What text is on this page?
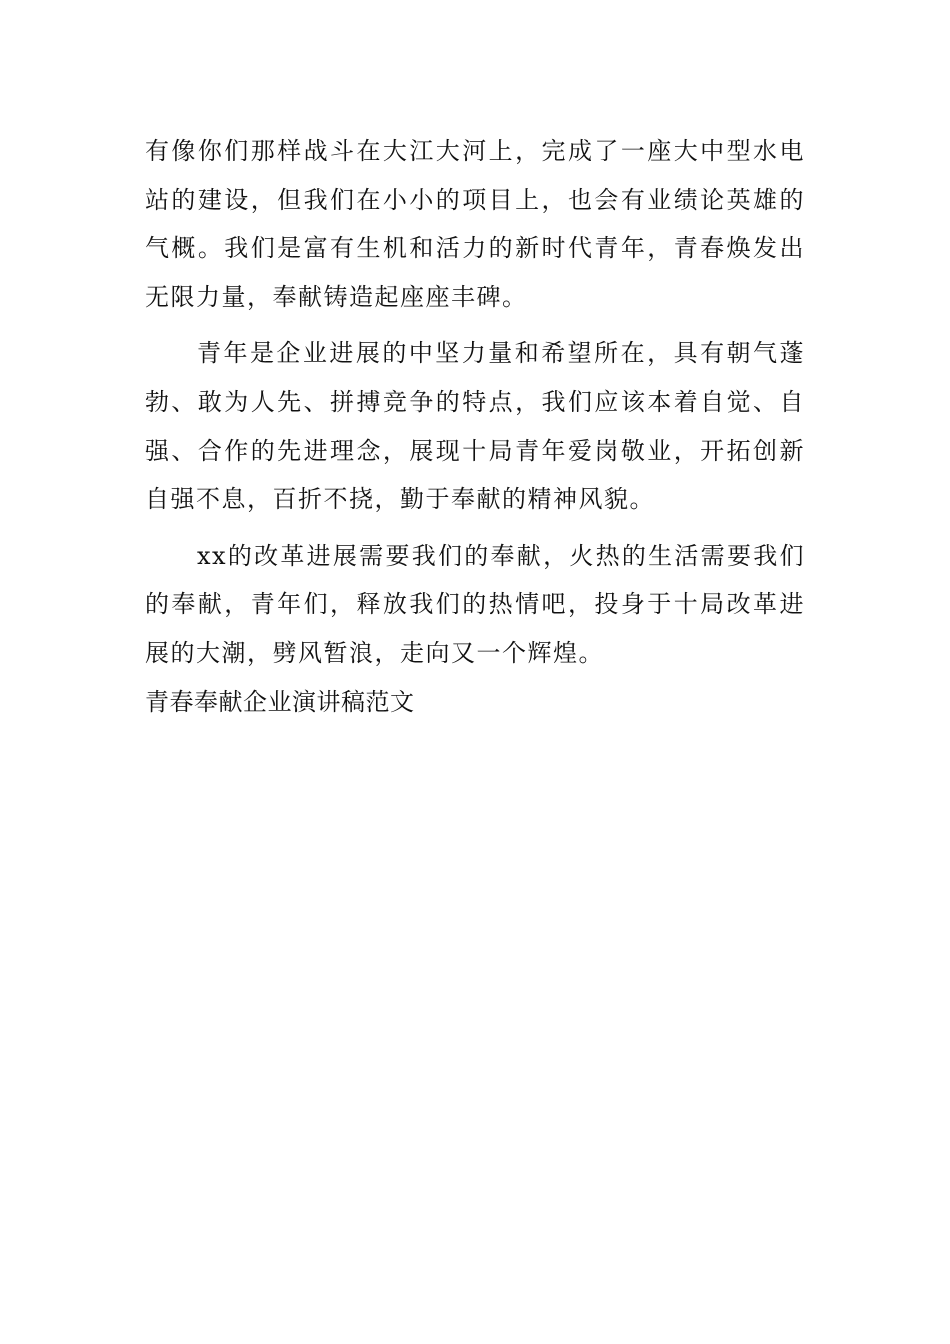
有像你们那样战斗在大江大河上，完成了一座大中型水电站的建设，但我们在小小的项目上，也会有业绩论英雄的气概。我们是富有生机和活力的新时代青年，青春焕发出无限力量，奉献铸造起座座丰碑。

青年是企业进展的中坚力量和希望所在，具有朝气蓬勃、敢为人先、拼搏竞争的特点，我们应该本着自觉、自强、合作的先进理念，展现十局青年爱岗敬业，开拓创新自强不息，百折不挠，勤于奉献的精神风貌。

xx的改革进展需要我们的奉献，火热的生活需要我们的奉献，青年们，释放我们的热情吧，投身于十局改革进展的大潮，劈风暂浪，走向又一个辉煌。

青春奉献企业演讲稿范文
